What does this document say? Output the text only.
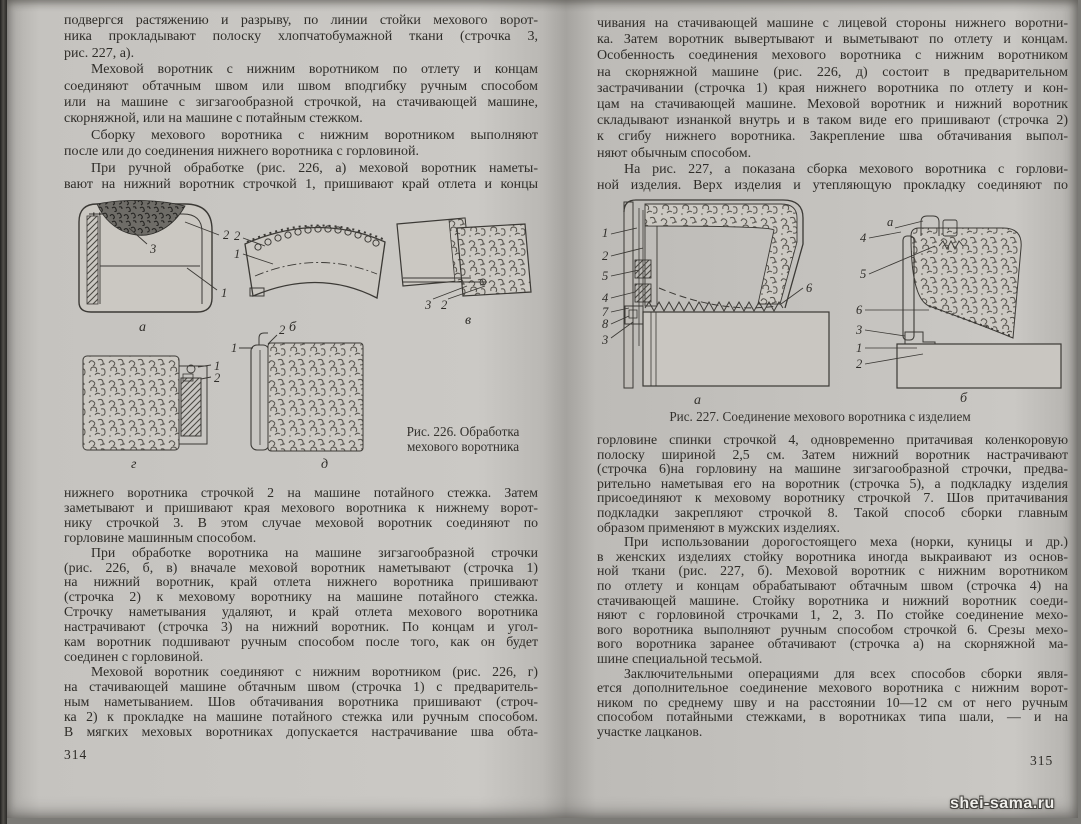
подвергся растяжению и разрыву, по линии стойки мехового ворот-
ника прокладывают полоску хлопчатобумажной ткани (строчка 3,
рис. 227, а).
Меховой воротник с нижним воротником по отлету и концам
соединяют обтачным швом или швом вподгибку ручным способом
или на машине с зигзагообразной строчкой, на стачивающей машине,
скорняжной, или на машине с потайным стежком.
Сборку мехового воротника с нижним воротником выполняют
после или до соединения нижнего воротника с горловиной.
При ручной обработке (рис. 226, а) меховой воротник наметы-
вают на нижний воротник строчкой 1, пришивают край отлета и концы
нижнего воротника строчкой 2 на машине потайного стежка. Затем
заметывают и пришивают края мехового воротника к нижнему ворот-
нику строчкой 3. В этом случае меховой воротник соединяют по
горловине машинным способом.
При обработке воротника на машине зигзагообразной строчки
(рис. 226, б, в) вначале меховой воротник наметывают (строчка 1)
на нижний воротник, край отлета нижнего воротника пришивают
(строчка 2) к меховому воротнику на машине потайного стежка.
Строчку наметывания удаляют, и край отлета мехового воротника
настрачивают (строчка 3) на нижний воротник. По концам и угол-
кам воротник подшивают ручным способом после того, как он будет
соединен с горловиной.
Меховой воротник соединяют с нижним воротником (рис. 226, г)
на стачивающей машине обтачным швом (строчка 1) с предваритель-
ным наметыванием. Шов обтачивания воротника пришивают (строч-
ка 2) к прокладке на машине потайного стежка или ручным способом.
В мягких меховых воротниках допускается настрачивание шва обта-
314
3
2
1
а
2
1
б
3 2
в
1
2
г
1
2
д
Рис. 226. Обработка
мехового воротника
чивания на стачивающей машине с лицевой стороны нижнего воротни-
ка. Затем воротник вывертывают и выметывают по отлету и концам.
Особенность соединения мехового воротника с нижним воротником
на скорняжной машине (рис. 226, д) состоит в предварительном
застрачивании (строчка 1) края нижнего воротника по отлету и кон-
цам на стачивающей машине. Меховой воротник и нижний воротник
складывают изнанкой внутрь и в таком виде его пришивают (строчка 2)
к сгибу нижнего воротника. Закрепление шва обтачивания выпол-
няют обычным способом.
На рис. 227, а показана сборка мехового воротника с горлови-
ной изделия. Верх изделия и утепляющую прокладку соединяют по
горловине спинки строчкой 4, одновременно притачивая коленкоровую
полоску шириной 2,5 см. Затем нижний воротник настрачивают
(строчка 6)на горловину на машине зигзагообразной строчки, предва-
рительно наметывая его на воротник (строчка 5), а подкладку изделия
присоединяют к меховому воротнику строчкой 7. Шов притачивания
подкладки закрепляют строчкой 8. Такой способ сборки главным
образом применяют в мужских изделиях.
При использовании дорогостоящего меха (норки, куницы и др.)
в женских изделиях стойку воротника иногда выкраивают из основ-
ной ткани (рис. 227, б). Меховой воротник с нижним воротником
по отлету и концам обрабатывают обтачным швом (строчка 4) на
стачивающей машине. Стойку воротника и нижний воротник соеди-
няют с горловиной строчками 1, 2, 3. По стойке соединение мехо-
вого воротника выполняют ручным способом строчкой 6. Срезы мехо-
вого воротника заранее обтачивают (строчка а) на скорняжной ма-
шине специальной тесьмой.
Заключительными операциями для всех способов сборки явля-
ется дополнительное соединение мехового воротника с нижним ворот-
ником по среднему шву и на расстоянии 10—12 см от него ручным
способом потайными стежками, в воротниках типа шали, — и на
участке лацканов.
315
1
2
5
4
7
8
3
6
4
а
5
6
3
1
2
а	б
Рис. 227. Соединение мехового воротника с изделием
shei-sama.ru
